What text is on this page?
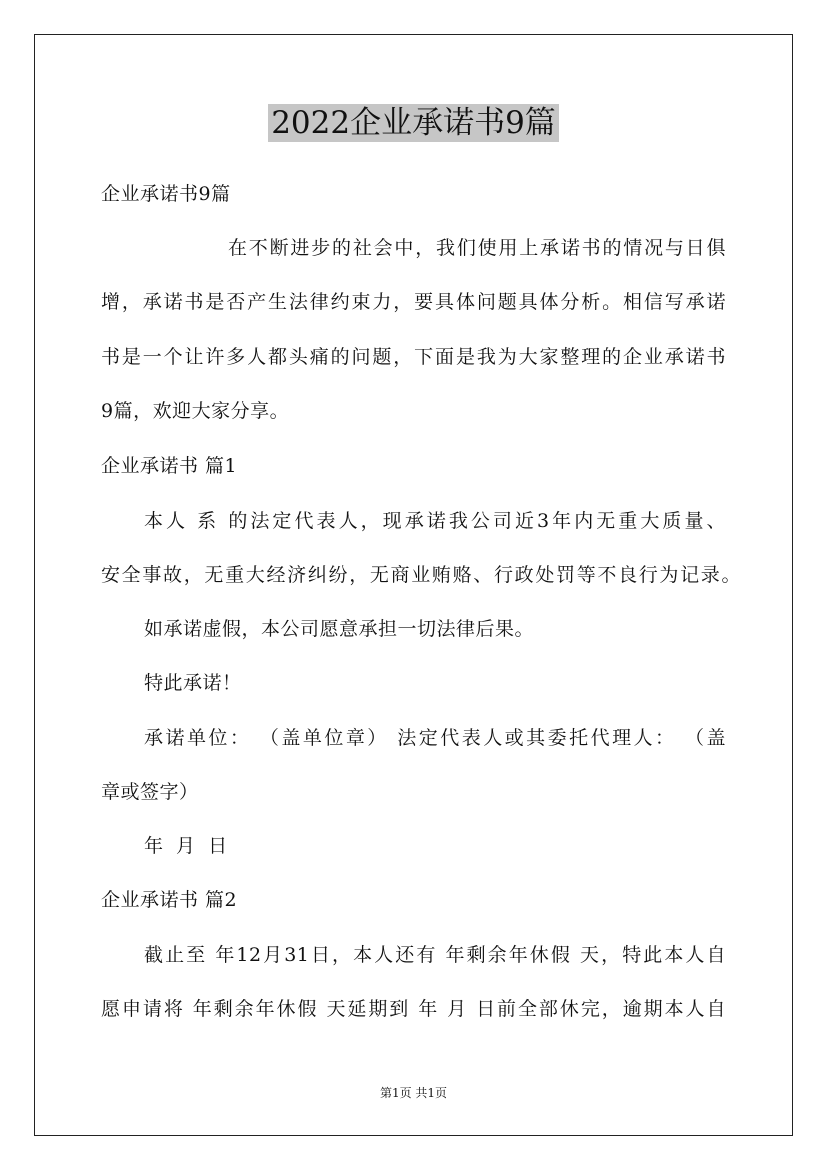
2022企业承诺书9篇
企业承诺书9篇
在不断进步的社会中，我们使用上承诺书的情况与日俱
增，承诺书是否产生法律约束力，要具体问题具体分析。相信写承诺
书是一个让许多人都头痛的问题，下面是我为大家整理的企业承诺书
9篇，欢迎大家分享。
企业承诺书 篇1
本人 系 的法定代表人，现承诺我公司近3年内无重大质量、
安全事故，无重大经济纠纷，无商业贿赂、行政处罚等不良行为记录。
如承诺虚假，本公司愿意承担一切法律后果。
特此承诺！
承诺单位： （盖单位章） 法定代表人或其委托代理人： （盖
章或签字）
年 月 日
企业承诺书 篇2
截止至 年12月31日，本人还有 年剩余年休假 天，特此本人自
愿申请将 年剩余年休假 天延期到 年 月 日前全部休完，逾期本人自
第1页 共1页
